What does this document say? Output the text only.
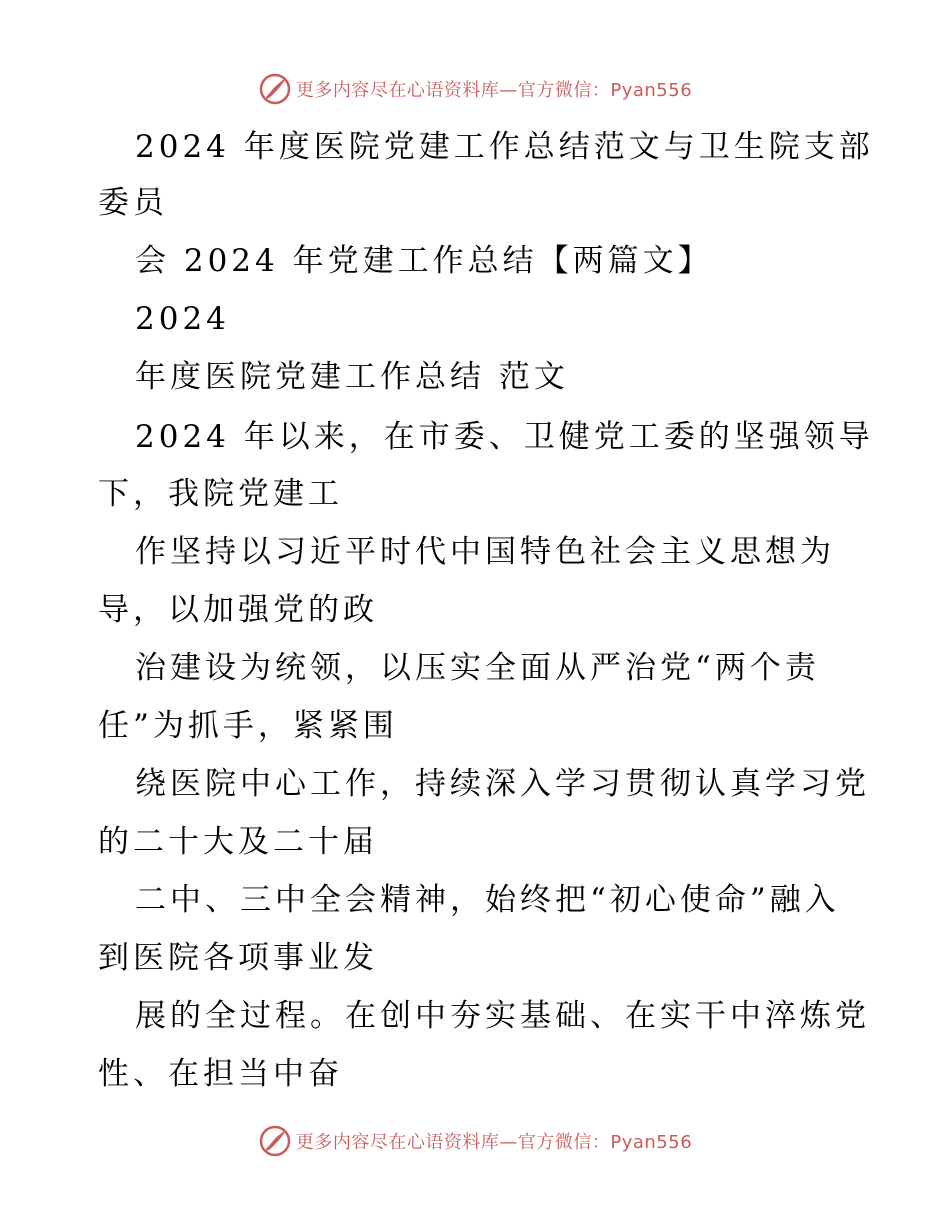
更多内容尽在心语资料库—官方微信：Pyan556
2024 年度医院党建工作总结范文与卫生院支部
委员
会 2024 年党建工作总结【两篇文】
2024
年度医院党建工作总结 范文
2024 年以来，在市委、卫健党工委的坚强领导
下，我院党建工
作坚持以习近平时代中国特色社会主义思想为
导，以加强党的政
治建设为统领，以压实全面从严治党“两个责
任”为抓手，紧紧围
绕医院中心工作，持续深入学习贯彻认真学习党
的二十大及二十届
二中、三中全会精神，始终把“初心使命”融入
到医院各项事业发
展的全过程。在创中夯实基础、在实干中淬炼党
性、在担当中奋
更多内容尽在心语资料库—官方微信：Pyan556
